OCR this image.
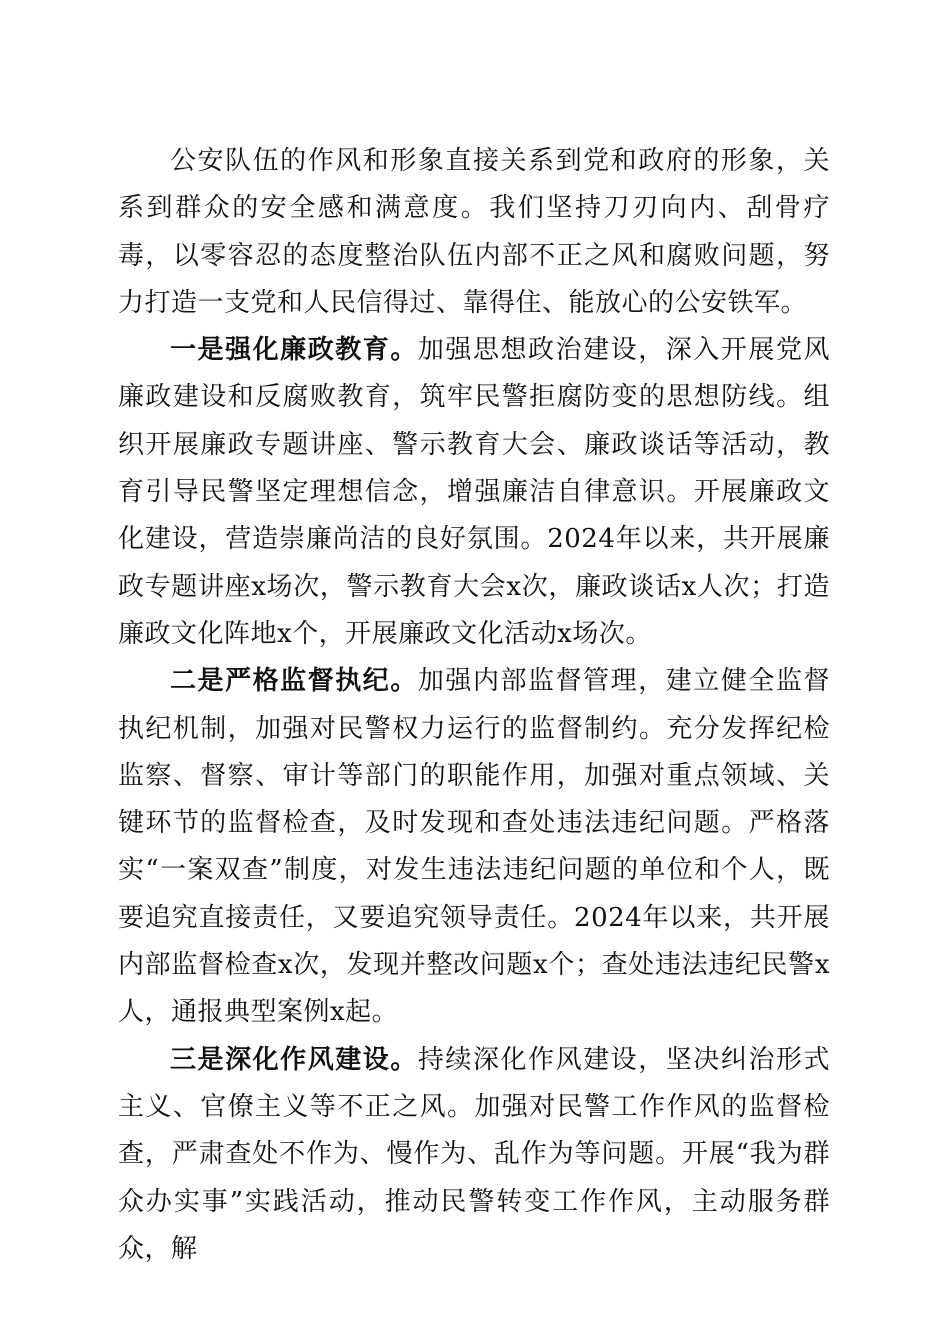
公安队伍的作风和形象直接关系到党和政府的形象，关系到群众的安全感和满意度。我们坚持刀刃向内、刮骨疗毒，以零容忍的态度整治队伍内部不正之风和腐败问题，努力打造一支党和人民信得过、靠得住、能放心的公安铁军。

一是强化廉政教育。加强思想政治建设，深入开展党风廉政建设和反腐败教育，筑牢民警拒腐防变的思想防线。组织开展廉政专题讲座、警示教育大会、廉政谈话等活动，教育引导民警坚定理想信念，增强廉洁自律意识。开展廉政文化建设，营造崇廉尚洁的良好氛围。2024年以来，共开展廉政专题讲座x场次，警示教育大会x次，廉政谈话x人次；打造廉政文化阵地x个，开展廉政文化活动x场次。

二是严格监督执纪。加强内部监督管理，建立健全监督执纪机制，加强对民警权力运行的监督制约。充分发挥纪检监察、督察、审计等部门的职能作用，加强对重点领域、关键环节的监督检查，及时发现和查处违法违纪问题。严格落实“一案双查”制度，对发生违法违纪问题的单位和个人，既要追究直接责任，又要追究领导责任。2024年以来，共开展内部监督检查x次，发现并整改问题x个；查处违法违纪民警x人，通报典型案例x起。

三是深化作风建设。持续深化作风建设，坚决纠治形式主义、官僚主义等不正之风。加强对民警工作作风的监督检查，严肃查处不作为、慢作为、乱作为等问题。开展“我为群众办实事”实践活动，推动民警转变工作作风，主动服务群众，解
